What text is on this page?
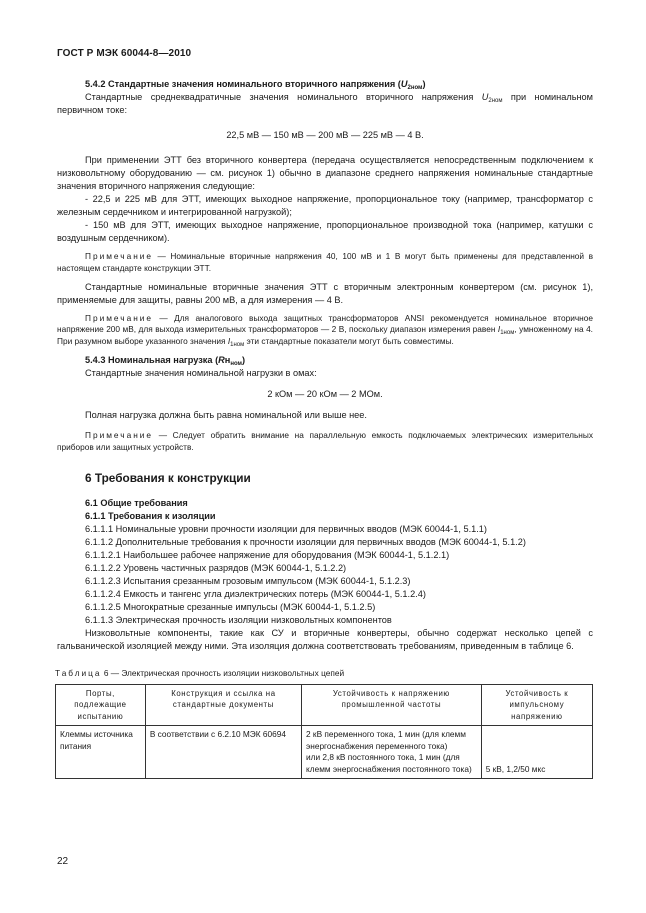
ГОСТ Р МЭК 60044-8—2010

5.4.2 Стандартные значения номинального вторичного напряжения $(U_{2ном})$

Стандартные среднеквадратичные значения номинального вторичного напряжения $U_{2ном}$ при номинальном первичном токе:

22,5 мВ — 150 мВ — 200 мВ — 225 мВ — 4 В.

При применении ЭТТ без вторичного конвертера (передача осуществляется непосредственным подключением к низковольтному оборудованию — см. рисунок 1) обычно в диапазоне среднего напряжения номинальные стандартные значения вторичного напряжения следующие:

- 22,5 и 225 мВ для ЭТТ, имеющих выходное напряжение, пропорциональное току (например, трансформатор с железным сердечником и интегрированной нагрузкой);

- 150 мВ для ЭТТ, имеющих выходное напряжение, пропорциональное производной тока (например, катушки с воздушным сердечником).

Примечание — Номинальные вторичные напряжения 40, 100 мВ и 1 В могут быть применены для представленной в настоящем стандарте конструкции ЭТТ.

Стандартные номинальные вторичные значения ЭТТ с вторичным электронным конвертером (см. рисунок 1), применяемые для защиты, равны 200 мВ, а для измерения — 4 В.

Примечание — Для аналогового выхода защитных трансформаторов ANSI рекомендуется номинальное вторичное напряжение 200 мВ, для выхода измерительных трансформаторов — 2 В, поскольку диапазон измерения равен $I_{1ном}$, умноженному на 4. При разумном выборе указанного значения $I_{1ном}$ эти стандартные показатели могут быть совместимы.

5.4.3 Номинальная нагрузка $(Rн_{ном})$

Стандартные значения номинальной нагрузки в омах:

2 кОм — 20 кОм — 2 МОм.

Полная нагрузка должна быть равна номинальной или выше нее.

Примечание — Следует обратить внимание на параллельную емкость подключаемых электрических измерительных приборов или защитных устройств.

6 Требования к конструкции

6.1 Общие требования

6.1.1 Требования к изоляции

6.1.1.1 Номинальные уровни прочности изоляции для первичных вводов (МЭК 60044-1, 5.1.1)

6.1.1.2 Дополнительные требования к прочности изоляции для первичных вводов (МЭК 60044-1, 5.1.2)

6.1.1.2.1 Наибольшее рабочее напряжение для оборудования (МЭК 60044-1, 5.1.2.1)

6.1.1.2.2 Уровень частичных разрядов (МЭК 60044-1, 5.1.2.2)

6.1.1.2.3 Испытания срезанным грозовым импульсом (МЭК 60044-1, 5.1.2.3)

6.1.1.2.4 Емкость и тангенс угла диэлектрических потерь (МЭК 60044-1, 5.1.2.4)

6.1.1.2.5 Многократные срезанные импульсы (МЭК 60044-1, 5.1.2.5)

6.1.1.3 Электрическая прочность изоляции низковольтных компонентов

Низковольтные компоненты, такие как СУ и вторичные конвертеры, обычно содержат несколько цепей с гальванической изоляцией между ними. Эта изоляция должна соответствовать требованиям, приведенным в таблице 6.

Таблица 6 — Электрическая прочность изоляции низковольтных цепей

Порты, подлежащие испытанию	Конструкция и ссылка на стандартные документы	Устойчивость к напряжению промышленной частоты	Устойчивость к импульсному напряжению
Клеммы источника питания	В соответствии с 6.2.10 МЭК 60694	2 кВ переменного тока, 1 мин (для клемм энергоснабжения переменного тока)
или 2,8 кВ постоянного тока, 1 мин (для клемм энергоснабжения постоянного тока)	5 кВ, 1,2/50 мкс
22
